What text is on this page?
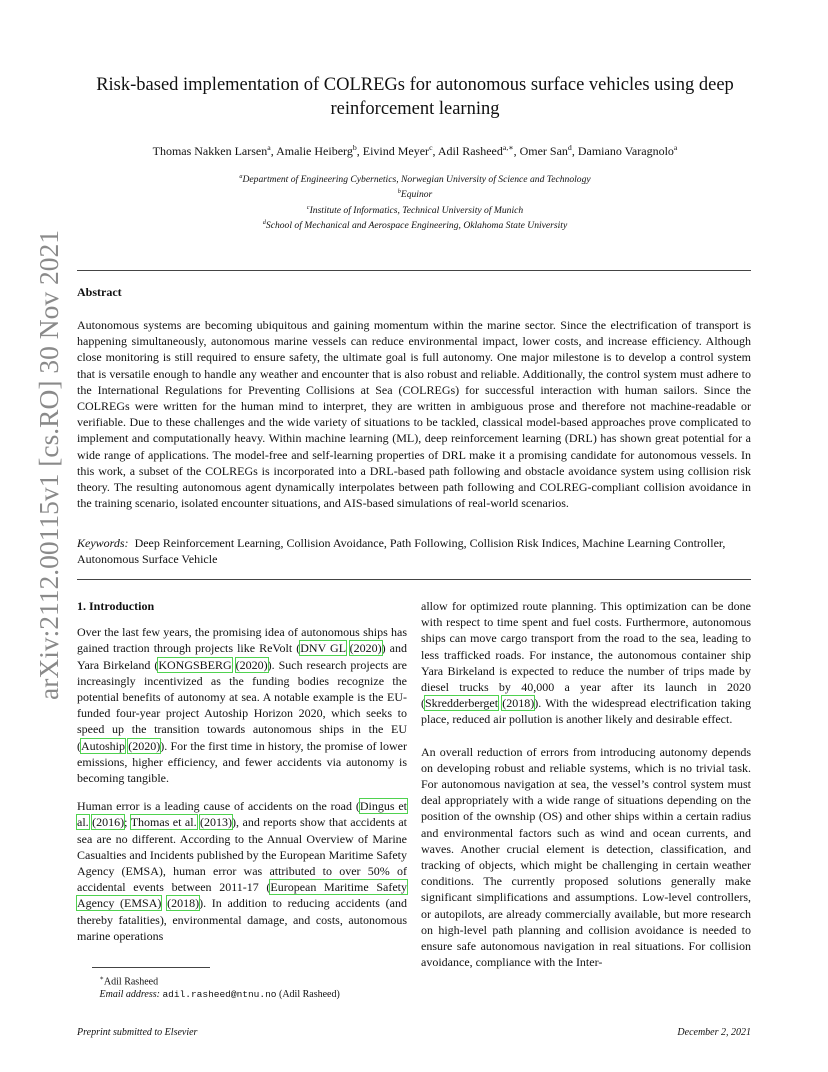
arXiv:2112.00115v1 [cs.RO] 30 Nov 2021
Risk-based implementation of COLREGs for autonomous surface vehicles using deep
reinforcement learning
Thomas Nakken Larsen$^a$, Amalie Heiberg$^b$, Eivind Meyer$^c$, Adil Rasheed$^{a,∗}$, Omer San$^d$, Damiano Varagnolo$^a$
$^a$Department of Engineering Cybernetics, Norwegian University of Science and Technology
$^b$Equinor
$^c$Institute of Informatics, Technical University of Munich
$^d$School of Mechanical and Aerospace Engineering, Oklahoma State University
Abstract
Autonomous systems are becoming ubiquitous and gaining momentum within the marine sector. Since the electrification of transport is happening simultaneously, autonomous marine vessels can reduce environmental impact, lower costs, and increase efficiency. Although close monitoring is still required to ensure safety, the ultimate goal is full autonomy. One major milestone is to develop a control system that is versatile enough to handle any weather and encounter that is also robust and reliable. Additionally, the control system must adhere to the International Regulations for Preventing Collisions at Sea (COLREGs) for successful interaction with human sailors. Since the COLREGs were written for the human mind to interpret, they are written in ambiguous prose and therefore not machine-readable or verifiable. Due to these challenges and the wide variety of situations to be tackled, classical model-based approaches prove complicated to implement and computationally heavy. Within machine learning (ML), deep reinforcement learning (DRL) has shown great potential for a wide range of applications. The model-free and self-learning properties of DRL make it a promising candidate for autonomous vessels. In this work, a subset of the COLREGs is incorporated into a DRL-based path following and obstacle avoidance system using collision risk theory. The resulting autonomous agent dynamically interpolates between path following and COLREG-compliant collision avoidance in the training scenario, isolated encounter situations, and AIS-based simulations of real-world scenarios.
Keywords: Deep Reinforcement Learning, Collision Avoidance, Path Following, Collision Risk Indices, Machine Learning Controller, Autonomous Surface Vehicle
1. Introduction

Over the last few years, the promising idea of autonomous ships has gained traction through projects like ReVolt (DNV GL (2020)) and Yara Birkeland (KONGSBERG (2020)). Such research projects are increasingly incentivized as the funding bodies recognize the potential benefits of autonomy at sea. A notable example is the EU-funded four-year project Autoship Horizon 2020, which seeks to speed up the transition towards autonomous ships in the EU (Autoship (2020)). For the first time in history, the promise of lower emissions, higher efficiency, and fewer accidents via autonomy is becoming tangible.

Human error is a leading cause of accidents on the road (Dingus et al. (2016); Thomas et al. (2013)), and reports show that accidents at sea are no different. According to the Annual Overview of Marine Casualties and Incidents published by the European Maritime Safety Agency (EMSA), human error was attributed to over 50% of accidental events between 2011-17 (European Maritime Safety Agency (EMSA) (2018)). In addition to reducing accidents (and thereby fatalities), environmental damage, and costs, autonomous marine operations

allow for optimized route planning. This optimization can be done with respect to time spent and fuel costs. Furthermore, autonomous ships can move cargo transport from the road to the sea, leading to less trafficked roads. For instance, the autonomous container ship Yara Birkeland is expected to reduce the number of trips made by diesel trucks by 40,000 a year after its launch in 2020 (Skredderberget (2018)). With the widespread electrification taking place, reduced air pollution is another likely and desirable effect.

An overall reduction of errors from introducing autonomy depends on developing robust and reliable systems, which is no trivial task. For autonomous navigation at sea, the vessel’s control system must deal appropriately with a wide range of situations depending on the position of the ownship (OS) and other ships within a certain radius and environmental factors such as wind and ocean currents, and waves. Another crucial element is detection, classification, and tracking of objects, which might be challenging in certain weather conditions. The currently proposed solutions generally make significant simplifications and assumptions. Low-level controllers, or autopilots, are already commercially available, but more research on high-level path planning and collision avoidance is needed to ensure safe autonomous navigation in real situations. For collision avoidance, compliance with the Inter-

∗Adil Rasheed
Email address: adil.rasheed@ntnu.no (Adil Rasheed)
Preprint submitted to Elsevier	December 2, 2021
